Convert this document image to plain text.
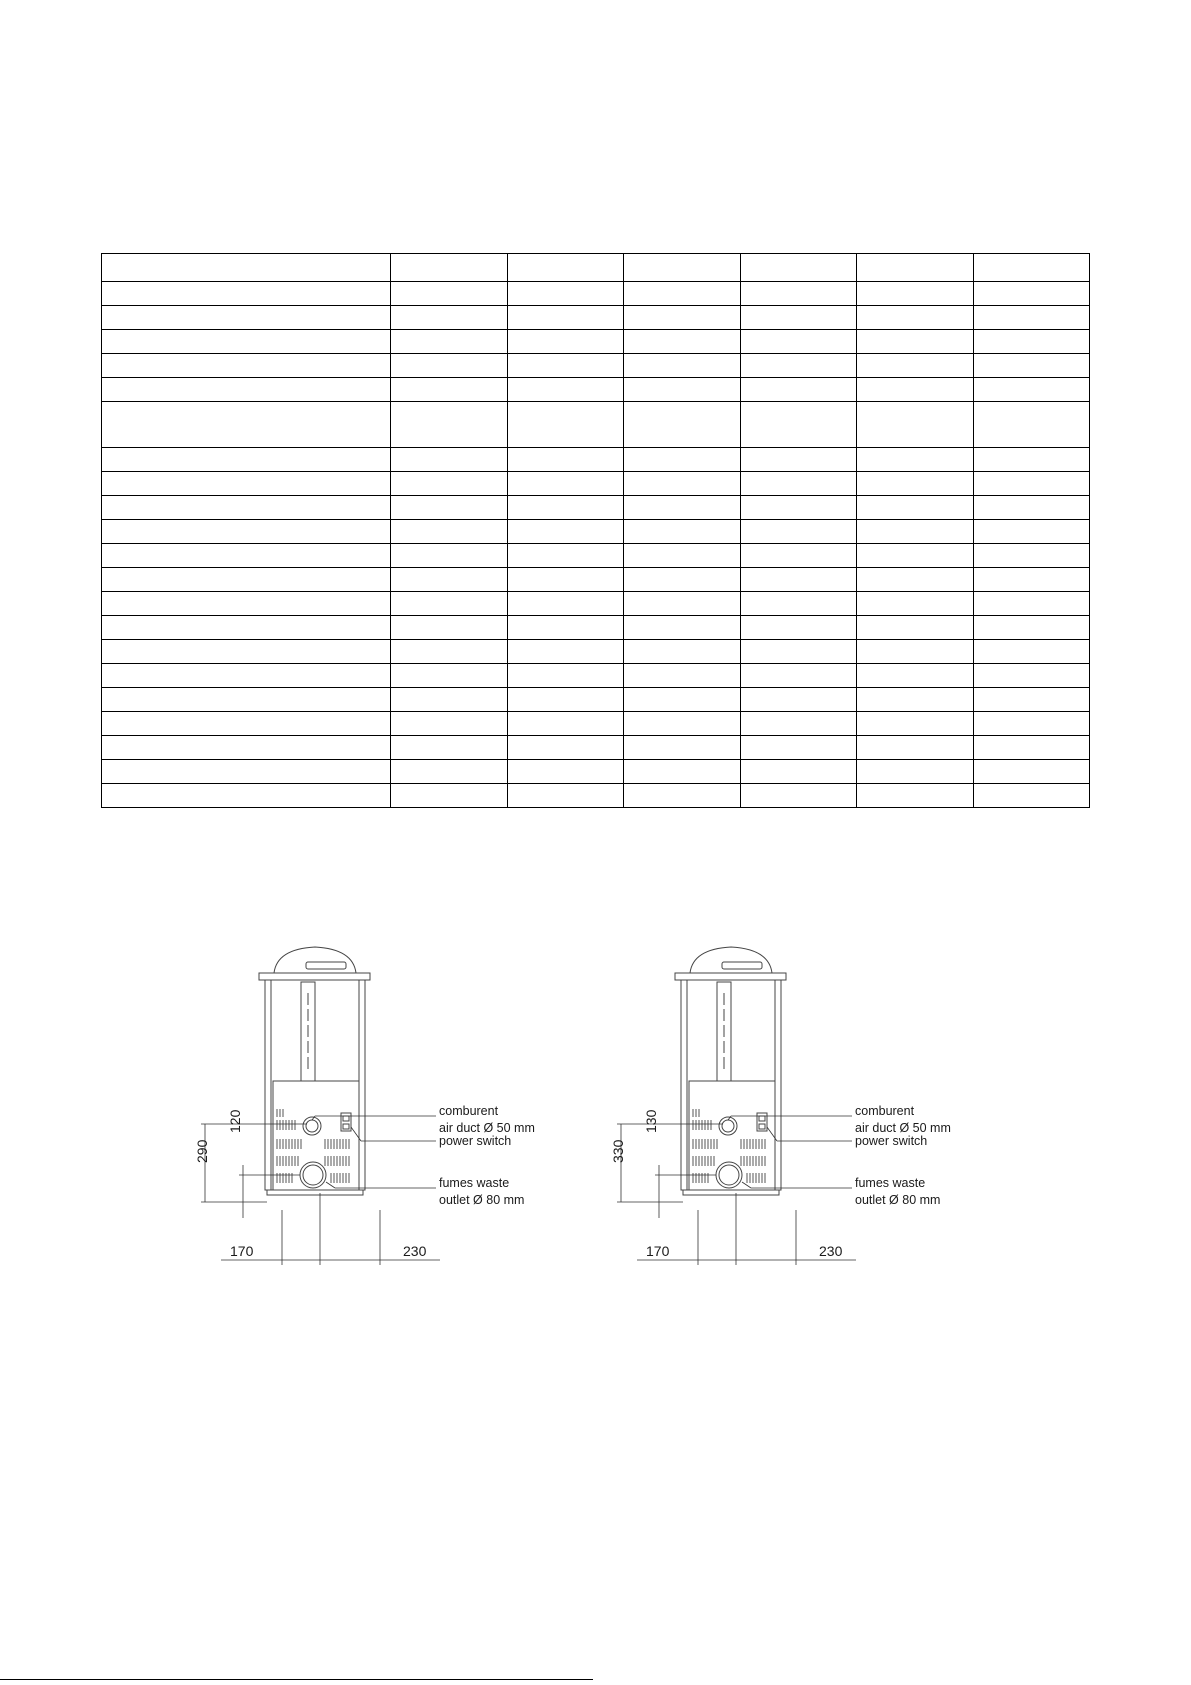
comburent
air duct Ø 50 mm
power switch
fumes waste
outlet Ø 80 mm
290
120
170	230
comburent
air duct Ø 50 mm
power switch
fumes waste
outlet Ø 80 mm
330
130
170	230
